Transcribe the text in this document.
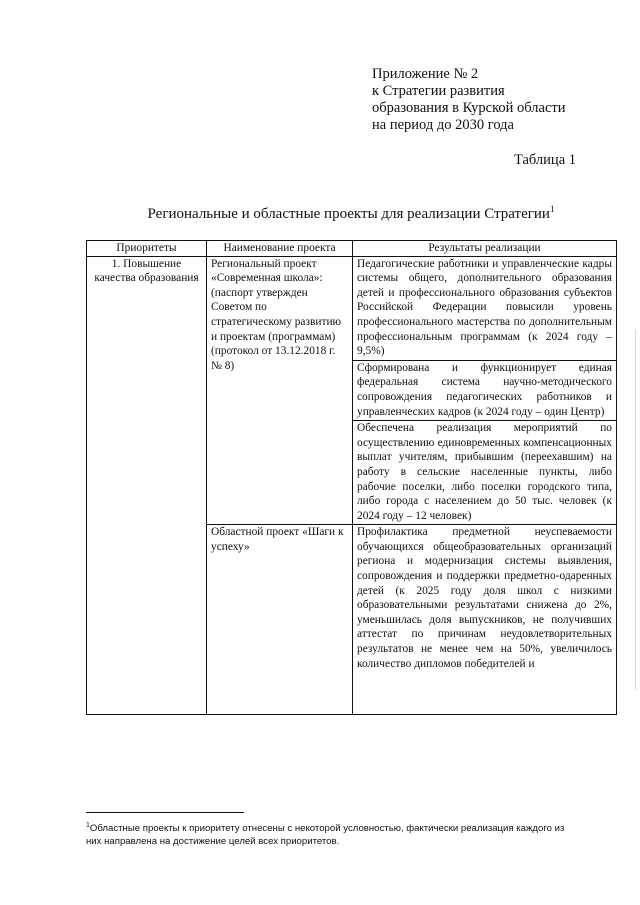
Приложение № 2
к Стратегии развития
образования в Курской области
на период до 2030 года
Таблица 1
Региональные и областные проекты для реализации Стратегии$^1$
Приоритеты	Наименование проекта	Результаты реализации
1. Повышение качества образования	Региональный проект «Современная школа»: (паспорт утвержден Советом по стратегическому развитию и проектам (программам) (протокол от 13.12.2018 г. № 8)	Педагогические работники и управленческие кадры системы общего, дополнительного образования детей и профессионального образования субъектов Российской Федерации повысили уровень профессионального мастерства по дополнительным профессиональным программам (к 2024 году – 9,5%)
		Сформирована и функционирует единая федеральная система научно-методического сопровождения педагогических работников и управленческих кадров (к 2024 году – один Центр)
		Обеспечена реализация мероприятий по осуществлению единовременных компенсационных выплат учителям, прибывшим (переехавшим) на работу в сельские населенные пункты, либо рабочие поселки, либо поселки городского типа, либо города с населением до 50 тыс. человек (к 2024 году – 12 человек)
	Областной проект «Шаги к успеху»	Профилактика предметной неуспеваемости обучающихся общеобразовательных организаций региона и модернизация системы выявления, сопровождения и поддержки предметно-одаренных детей (к 2025 году доля школ с низкими образовательными результатами снижена до 2%, уменьшилась доля выпускников, не получивших аттестат по причинам неудовлетворительных результатов не менее чем на 50%, увеличилось количество дипломов победителей и
$^1$Областные проекты к приоритету отнесены с некоторой условностью, фактически реализация каждого из них направлена на достижение целей всех приоритетов.
